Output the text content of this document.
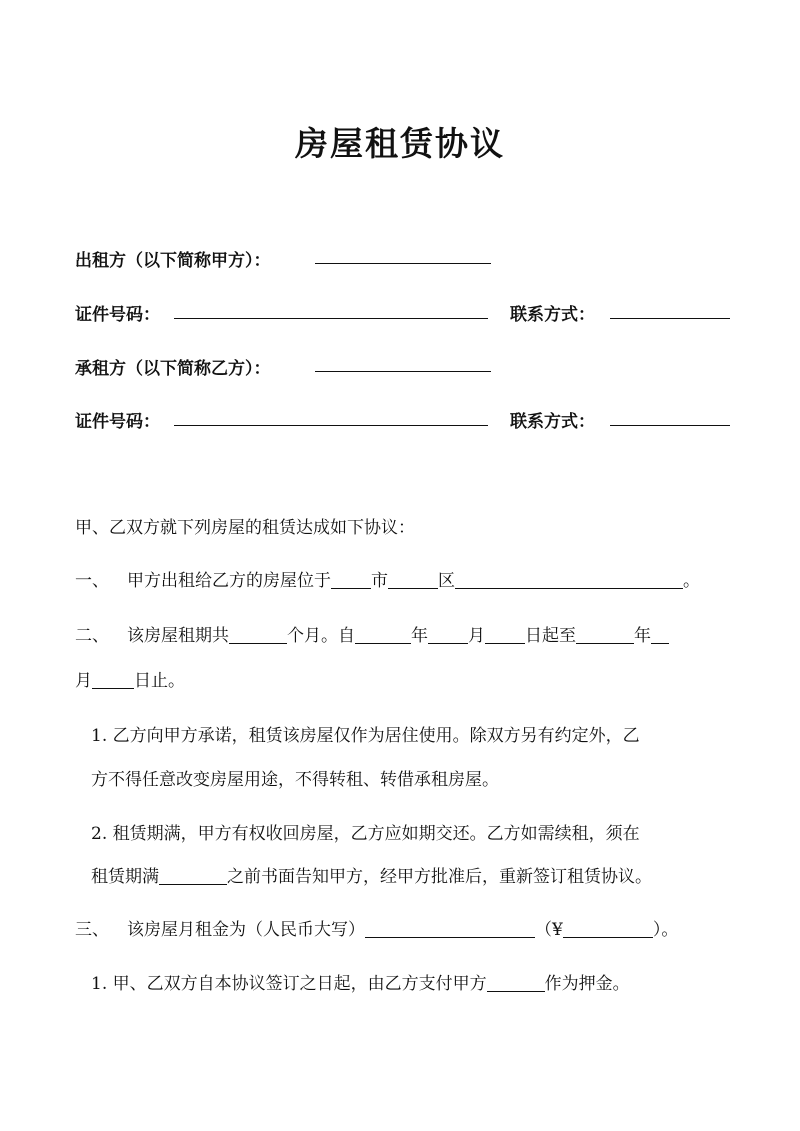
房屋租赁协议
出租方（以下简称甲方）：
证件号码：	联系方式：
承租方（以下简称乙方）：
证件号码：	联系方式：
甲、乙双方就下列房屋的租赁达成如下协议：
一、 甲方出租给乙方的房屋位于 市	区	。
二、 该房屋租期共	个月。自	年 月 日起至	年
月 日止。
1. 乙方向甲方承诺，租赁该房屋仅作为居住使用。除双方另有约定外，乙
方不得任意改变房屋用途，不得转租、转借承租房屋。
2. 租赁期满，甲方有权收回房屋，乙方应如期交还。乙方如需续租，须在
租赁期满	之前书面告知甲方，经甲方批准后，重新签订租赁协议。
三、 该房屋月租金为（人民币大写）	（¥	）。
1. 甲、乙双方自本协议签订之日起，由乙方支付甲方	作为押金。
